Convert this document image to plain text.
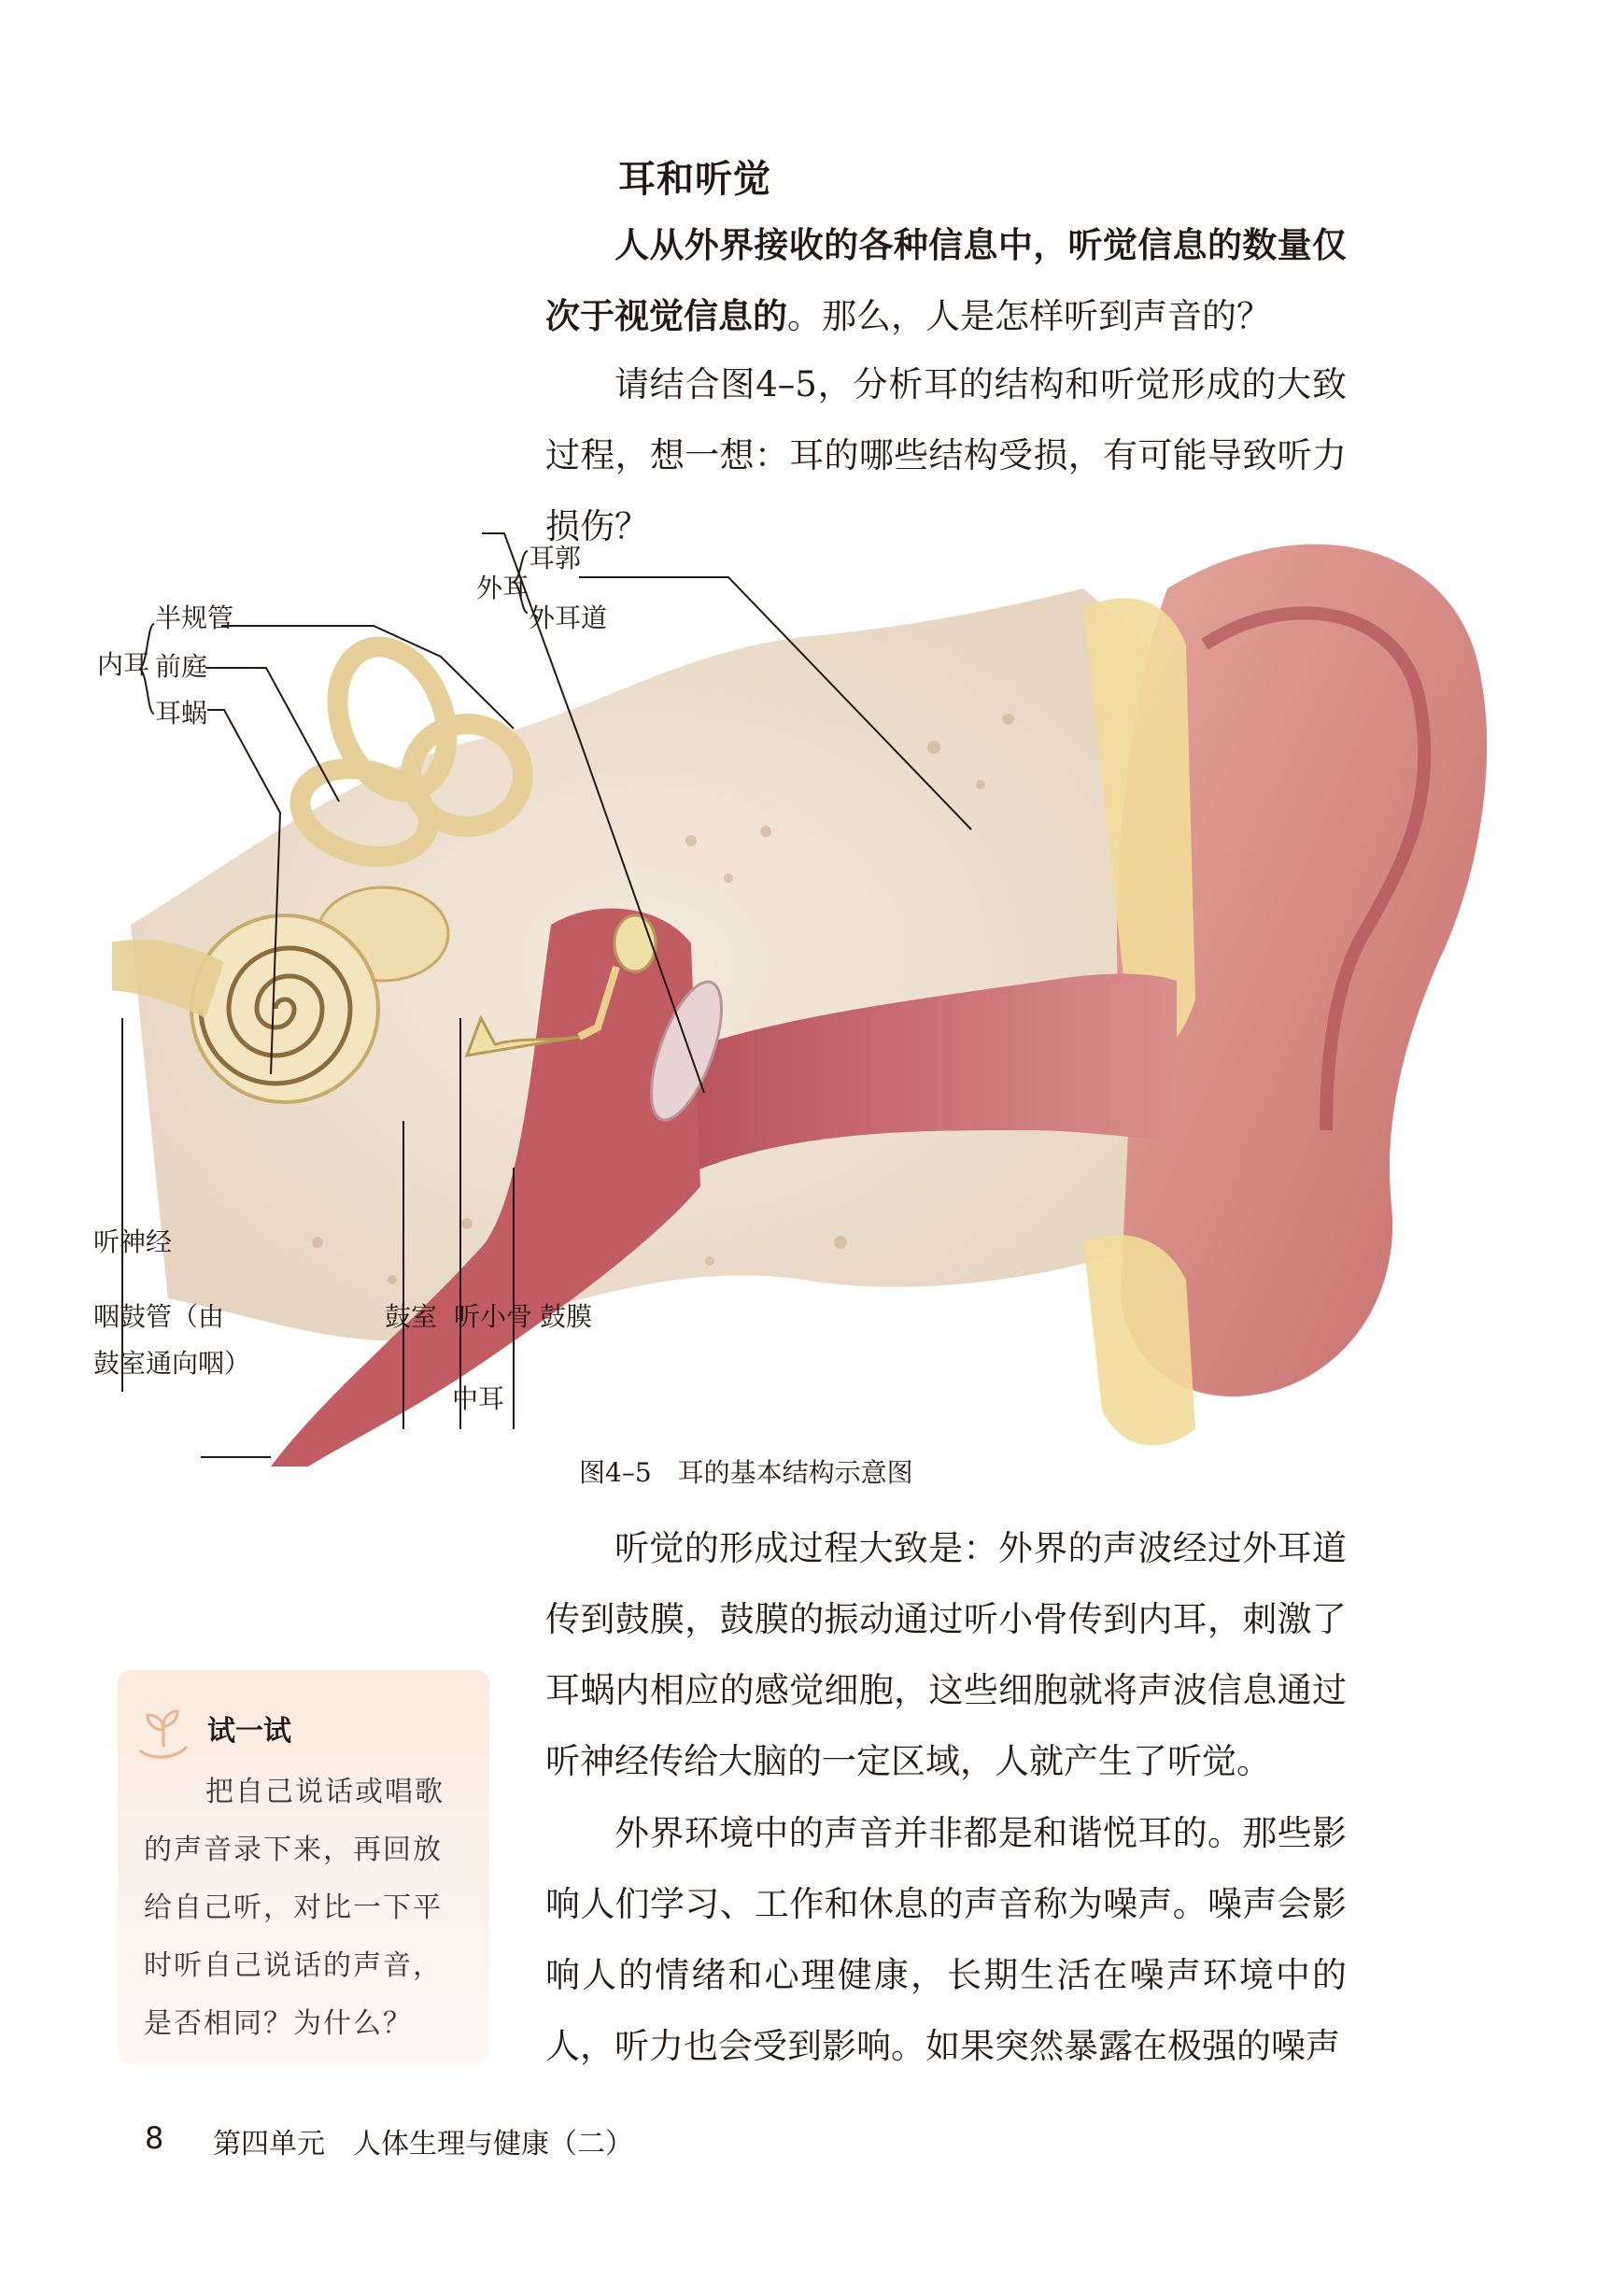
耳和听觉

人从外界接收的各种信息中，听觉信息的数量仅次于视觉信息的。那么，人是怎样听到声音的？

请结合图4–5，分析耳的结构和听觉形成的大致过程，想一想：耳的哪些结构受损，有可能导致听力损伤？

外耳
耳郭
外耳道
内耳
半规管
前庭
耳蜗
听神经
咽鼓管（由
鼓室通向咽）
鼓室 听小骨 鼓膜
中耳
图4–5　耳的基本结构示意图

听觉的形成过程大致是：外界的声波经过外耳道传到鼓膜，鼓膜的振动通过听小骨传到内耳，刺激了耳蜗内相应的感觉细胞，这些细胞就将声波信息通过听神经传给大脑的一定区域，人就产生了听觉。

外界环境中的声音并非都是和谐悦耳的。那些影响人们学习、工作和休息的声音称为噪声。噪声会影响人的情绪和心理健康，长期生活在噪声环境中的人，听力也会受到影响。如果突然暴露在极强的噪声

试一试

把自己说话或唱歌
的声音录下来，再回放
给自己听，对比一下平
时听自己说话的声音，
是否相同？为什么？

8 第四单元　人体生理与健康（二）
